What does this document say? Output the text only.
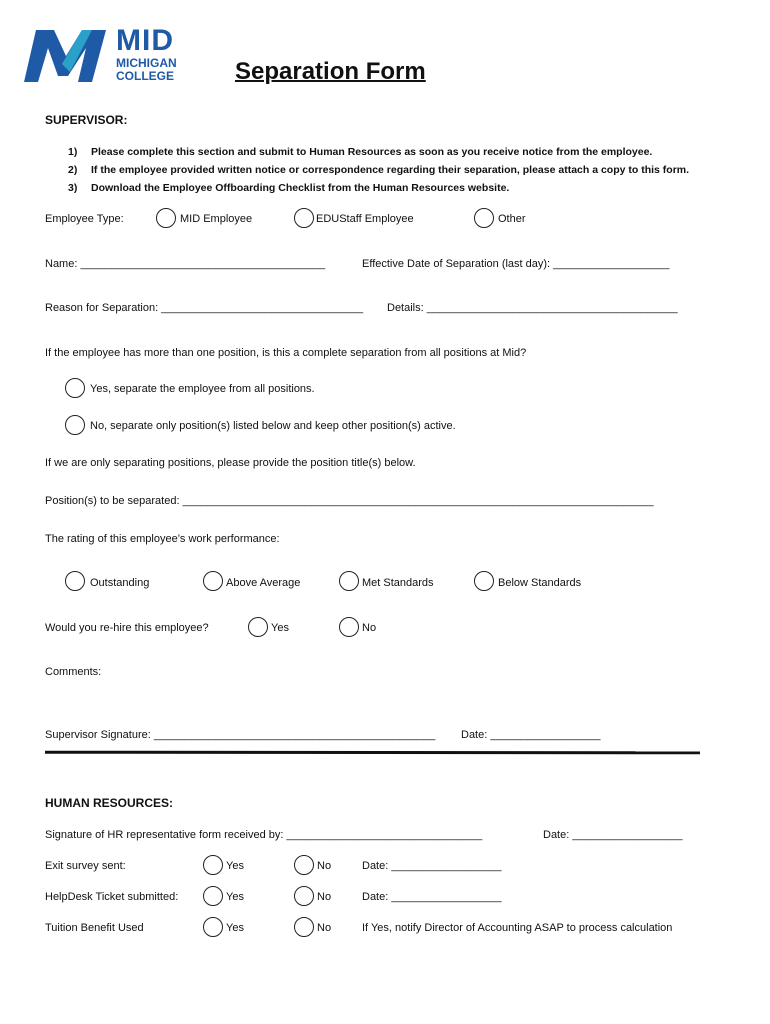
MID
MICHIGAN
COLLEGE	Separation Form
SUPERVISOR:
1) Please complete this section and submit to Human Resources as soon as you receive notice from the employee.
2) If the employee provided written notice or correspondence regarding their separation, please attach a copy to this form.
3) Download the Employee Offboarding Checklist from the Human Resources website.
Employee Type:	MID Employee	EDUStaff Employee	Other
Name: ________________________________________	Effective Date of Separation (last day): ___________________
Reason for Separation: _________________________________ Details: _________________________________________
If the employee has more than one position, is this a complete separation from all positions at Mid?
Yes, separate the employee from all positions.
No, separate only position(s) listed below and keep other position(s) active.
If we are only separating positions, please provide the position title(s) below.
Position(s) to be separated: _____________________________________________________________________________
The rating of this employee’s work performance:
Outstanding	Above Average	Met Standards	Below Standards
Would you re-hire this employee?	Yes	No
Comments:
Supervisor Signature: ______________________________________________ Date: __________________
HUMAN RESOURCES:
Signature of HR representative form received by: ________________________________	Date: __________________
Exit survey sent:	Yes	No	Date: __________________
HelpDesk Ticket submitted:	Yes	No	Date: __________________
Tuition Benefit Used	Yes	No	If Yes, notify Director of Accounting ASAP to process calculation
